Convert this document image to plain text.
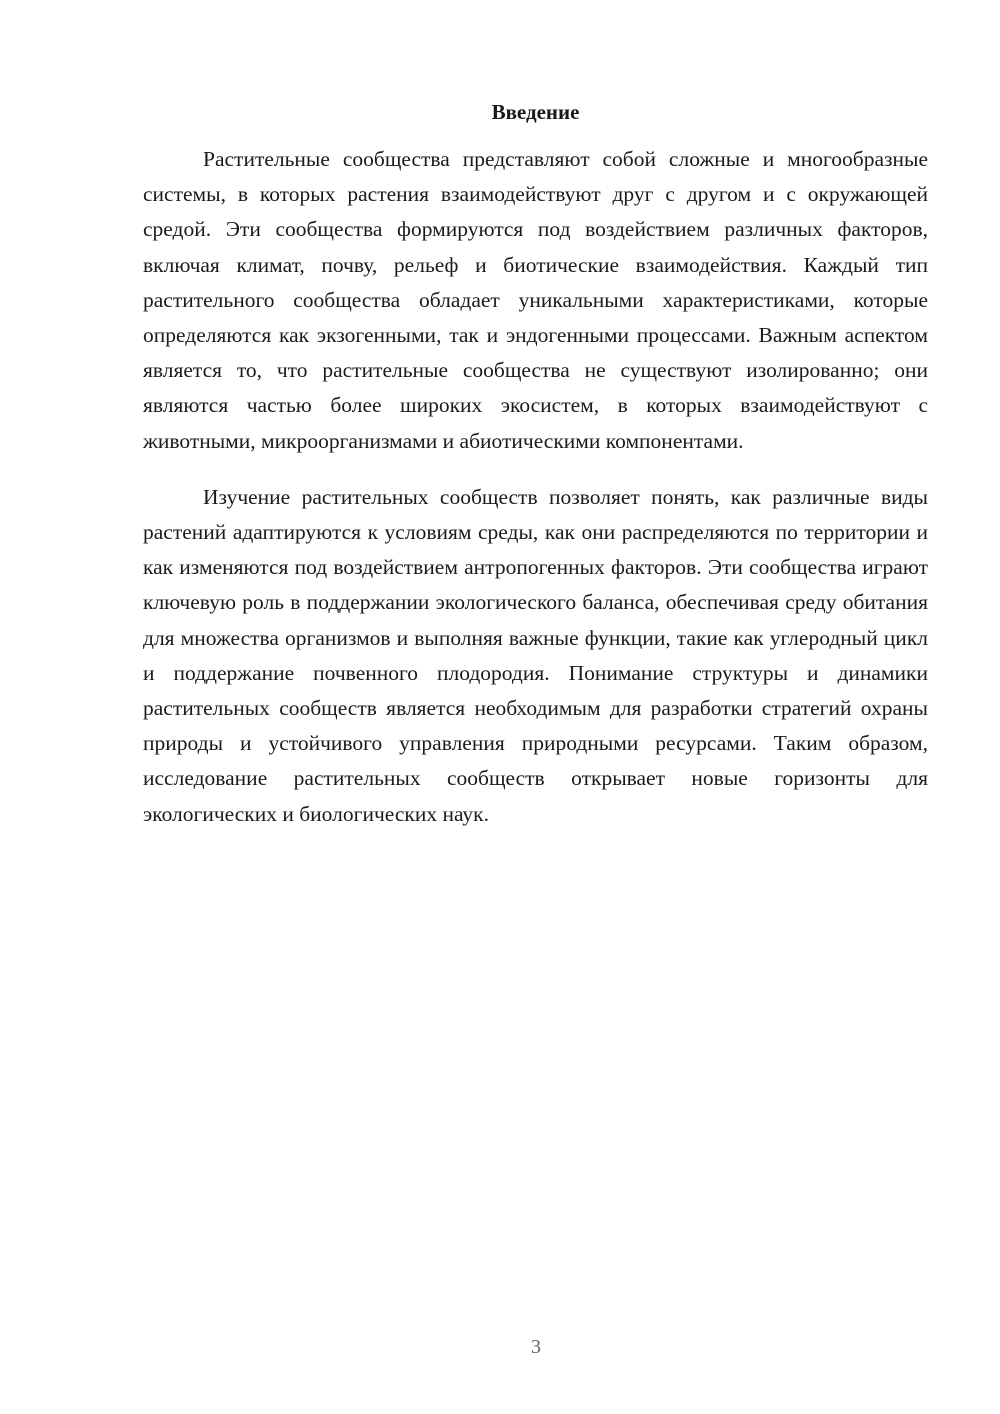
Введение

Растительные сообщества представляют собой сложные и многообразные системы, в которых растения взаимодействуют друг с другом и с окружающей средой. Эти сообщества формируются под воздействием различных факторов, включая климат, почву, рельеф и биотические взаимодействия. Каждый тип растительного сообщества обладает уникальными характеристиками, которые определяются как экзогенными, так и эндогенными процессами. Важным аспектом является то, что растительные сообщества не существуют изолированно; они являются частью более широких экосистем, в которых взаимодействуют с животными, микроорганизмами и абиотическими компонентами.

Изучение растительных сообществ позволяет понять, как различные виды растений адаптируются к условиям среды, как они распределяются по территории и как изменяются под воздействием антропогенных факторов. Эти сообщества играют ключевую роль в поддержании экологического баланса, обеспечивая среду обитания для множества организмов и выполняя важные функции, такие как углеродный цикл и поддержание почвенного плодородия. Понимание структуры и динамики растительных сообществ является необходимым для разработки стратегий охраны природы и устойчивого управления природными ресурсами. Таким образом, исследование растительных сообществ открывает новые горизонты для экологических и биологических наук.

3
